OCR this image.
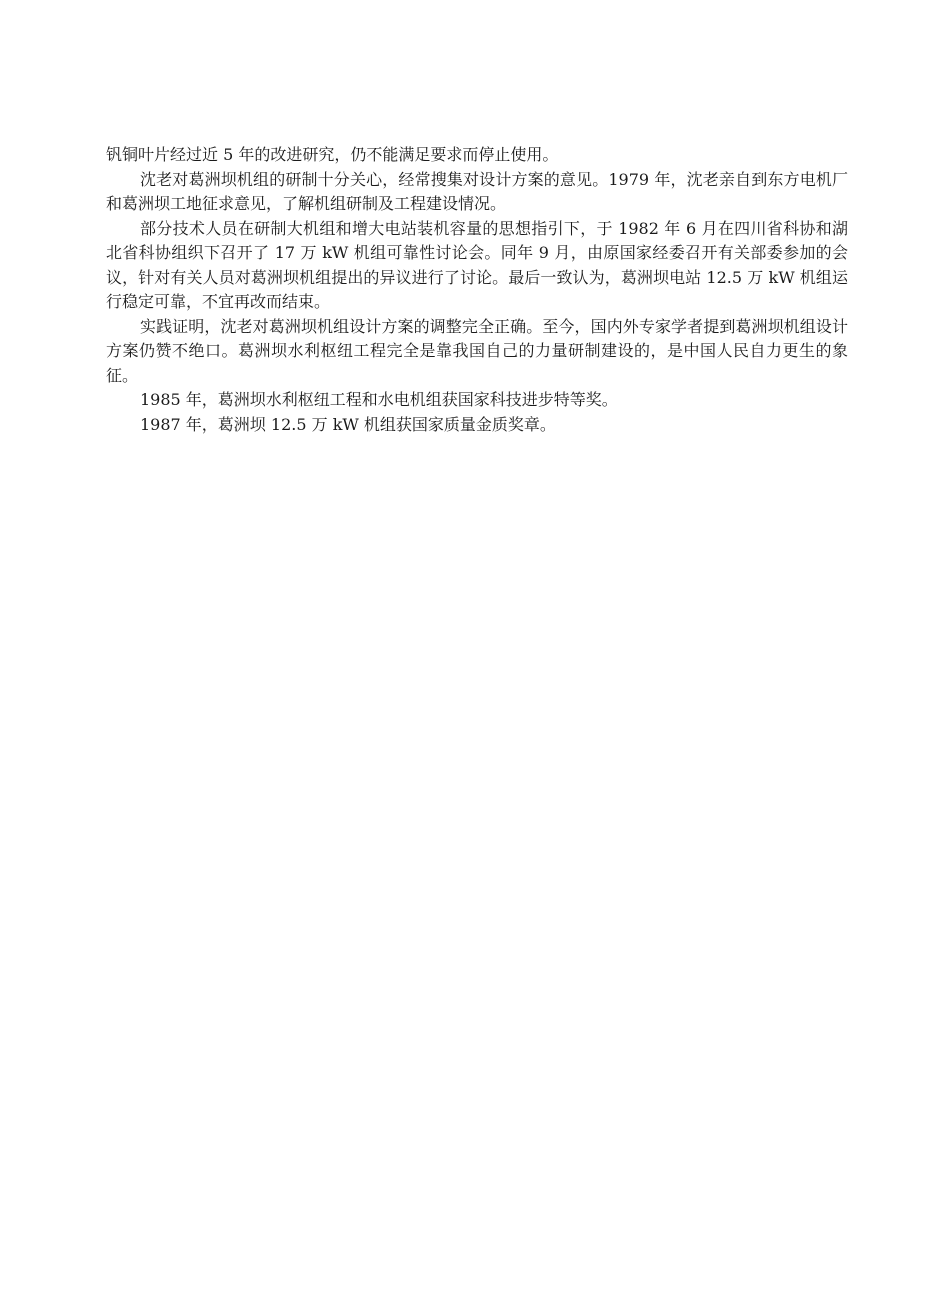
钒铜叶片经过近 5 年的改进研究，仍不能满足要求而停止使用。

沈老对葛洲坝机组的研制十分关心，经常搜集对设计方案的意见。1979 年，沈老亲自到东方电机厂和葛洲坝工地征求意见，了解机组研制及工程建设情况。

部分技术人员在研制大机组和增大电站装机容量的思想指引下，于 1982 年 6 月在四川省科协和湖北省科协组织下召开了 17 万 kW 机组可靠性讨论会。同年 9 月，由原国家经委召开有关部委参加的会议，针对有关人员对葛洲坝机组提出的异议进行了讨论。最后一致认为，葛洲坝电站 12.5 万 kW 机组运行稳定可靠，不宜再改而结束。

实践证明，沈老对葛洲坝机组设计方案的调整完全正确。至今，国内外专家学者提到葛洲坝机组设计方案仍赞不绝口。葛洲坝水利枢纽工程完全是靠我国自己的力量研制建设的，是中国人民自力更生的象征。

1985 年，葛洲坝水利枢纽工程和水电机组获国家科技进步特等奖。

1987 年，葛洲坝 12.5 万 kW 机组获国家质量金质奖章。
